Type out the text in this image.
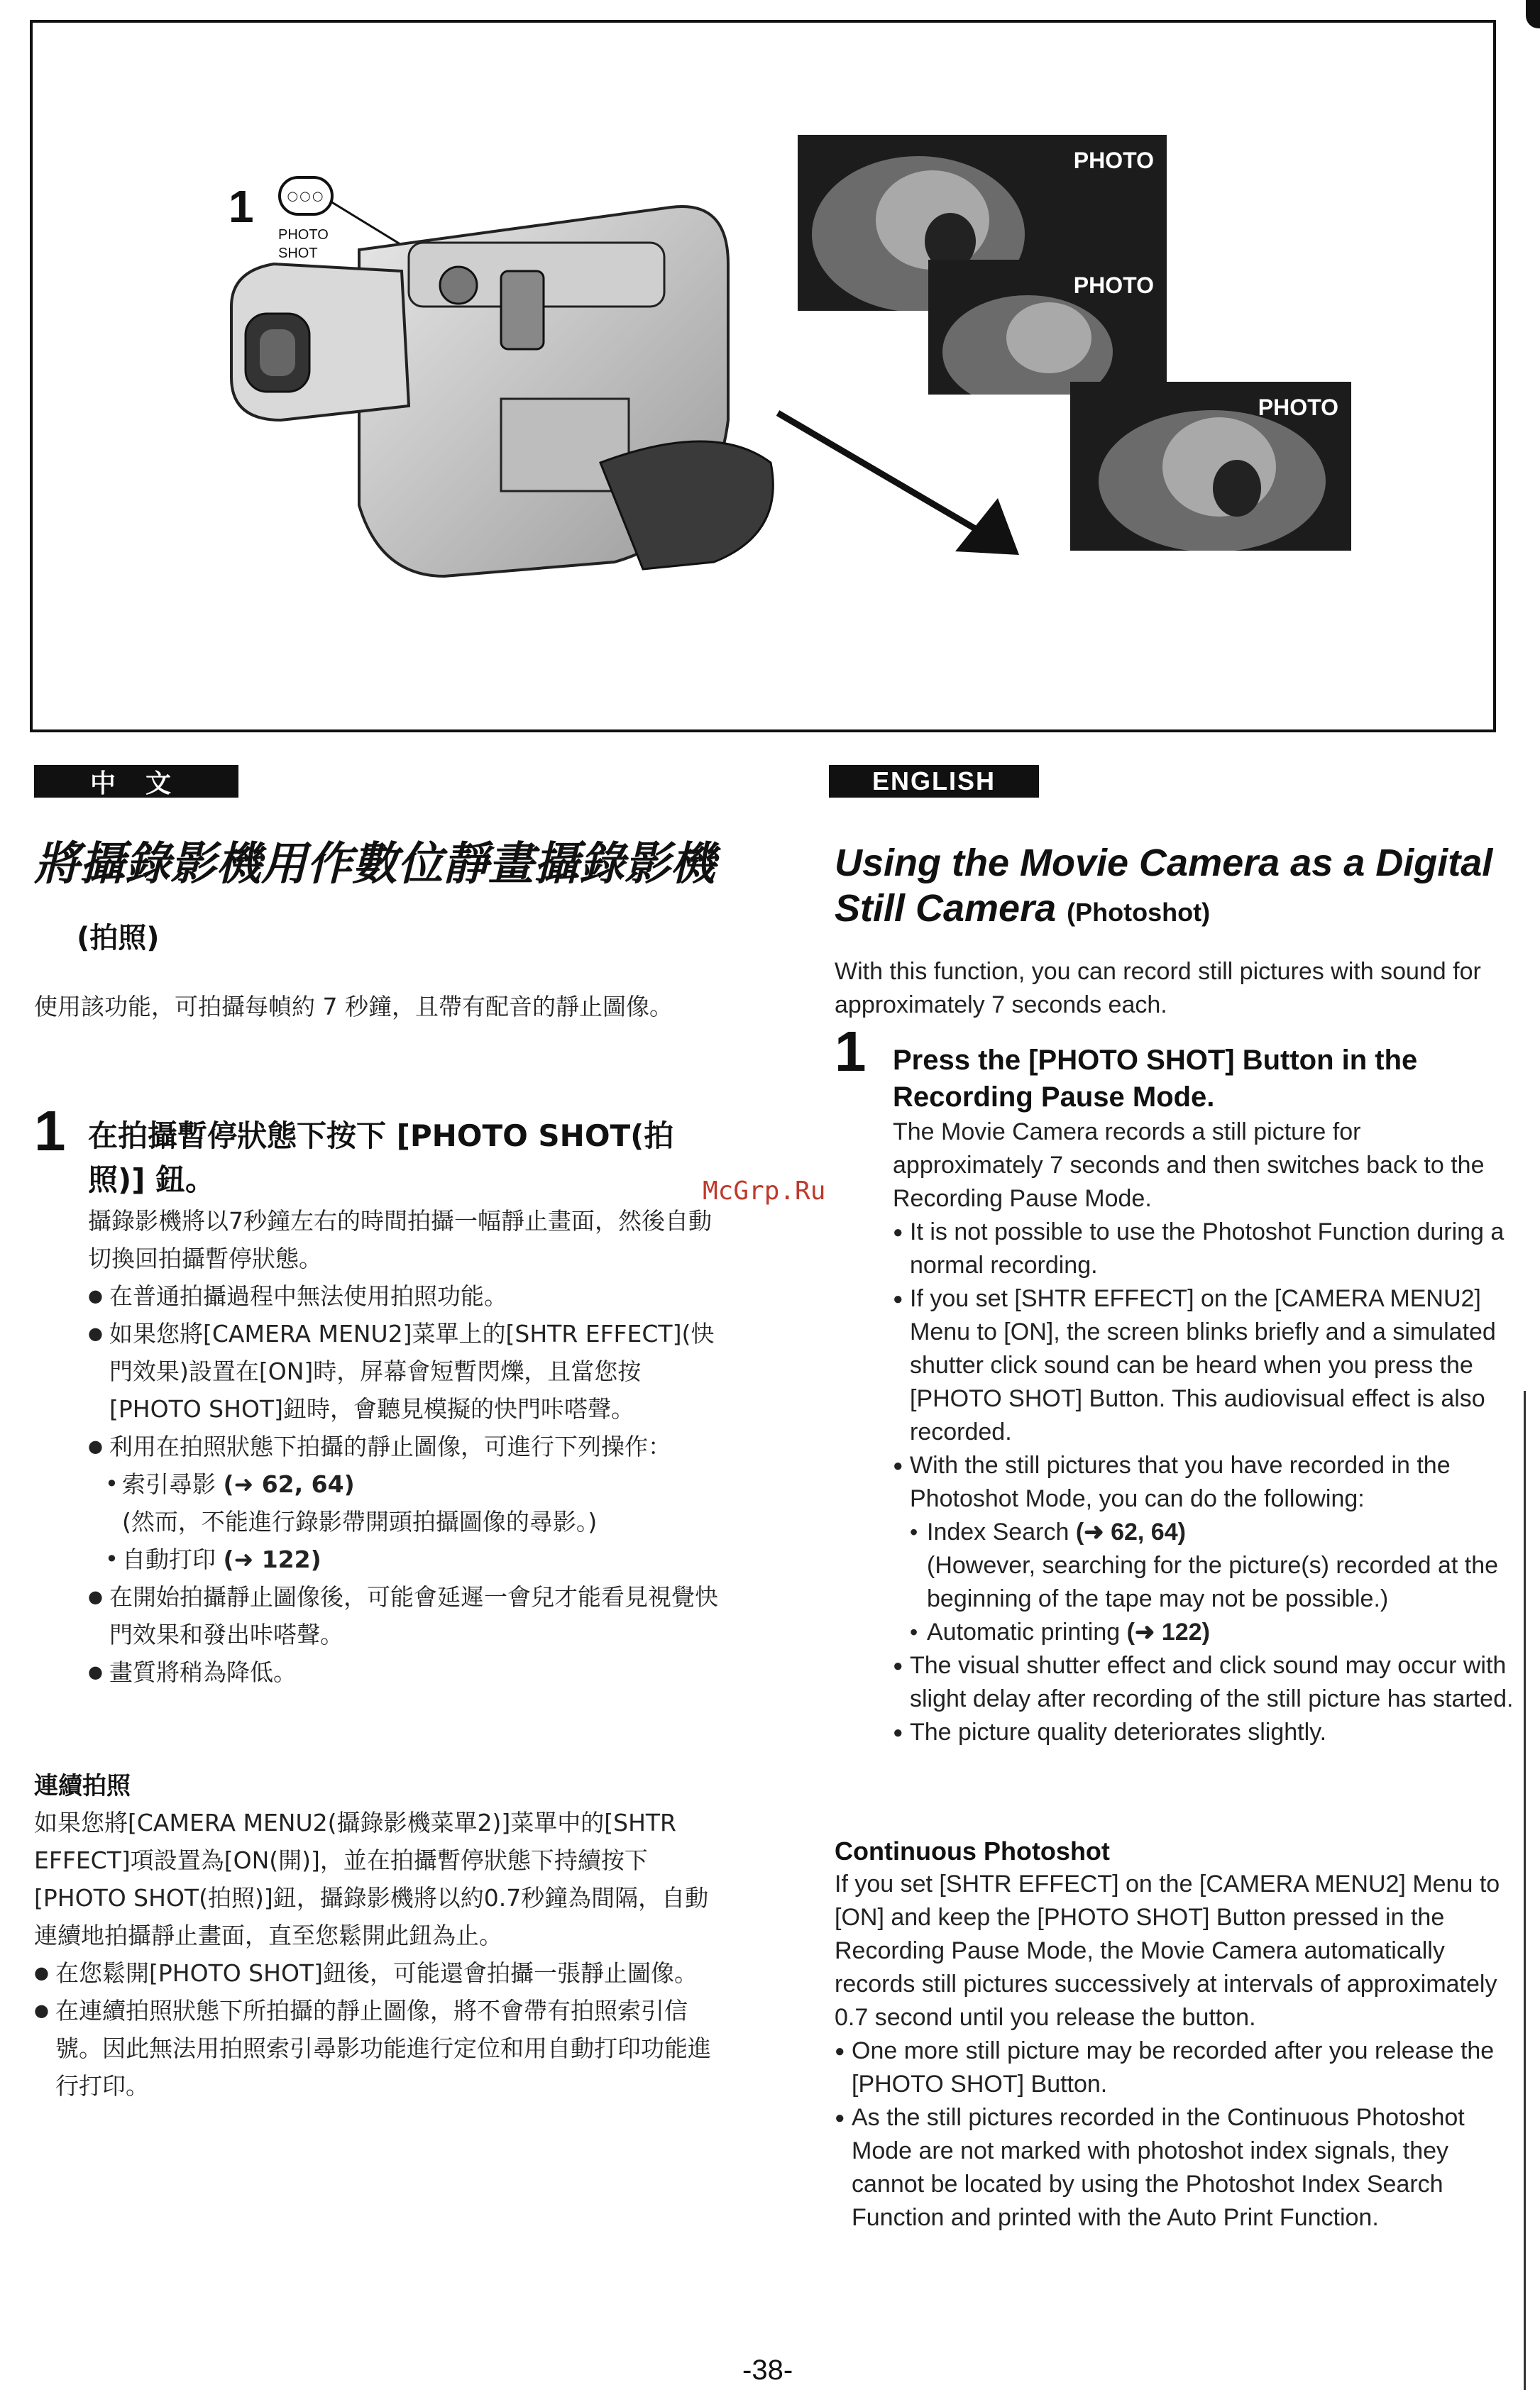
1	○○○
PHOTO
SHOT
PHOTO
PHOTO
PHOTO
中 文	ENGLISH
將攝錄影機用作數位靜畫攝錄影機(拍照)

使用該功能，可拍攝每幀約 7 秒鐘，且帶有配音的靜止圖像。

1 在拍攝暫停狀態下按下 [PHOTO SHOT(拍照)] 鈕。

攝錄影機將以7秒鐘左右的時間拍攝一幅靜止畫面，然後自動切換回拍攝暫停狀態。

● 在普通拍攝過程中無法使用拍照功能。
● 如果您將[CAMERA MENU2]菜單上的[SHTR EFFECT](快門效果)設置在[ON]時，屏幕會短暫閃爍，且當您按[PHOTO SHOT]鈕時，會聽見模擬的快門咔嗒聲。
● 利用在拍照狀態下拍攝的靜止圖像，可進行下列操作：
• 索引尋影 (➜ 62, 64)
(然而，不能進行錄影帶開頭拍攝圖像的尋影。)
• 自動打印 (➜ 122)
● 在開始拍攝靜止圖像後，可能會延遲一會兒才能看見視覺快門效果和發出咔嗒聲。
● 畫質將稍為降低。

連續拍照

如果您將[CAMERA MENU2(攝錄影機菜單2)]菜單中的[SHTR EFFECT]項設置為[ON(開)]，並在拍攝暫停狀態下持續按下[PHOTO SHOT(拍照)]鈕，攝錄影機將以約0.7秒鐘為間隔，自動連續地拍攝靜止畫面，直至您鬆開此鈕為止。

● 在您鬆開[PHOTO SHOT]鈕後，可能還會拍攝一張靜止圖像。
● 在連續拍照狀態下所拍攝的靜止圖像，將不會帶有拍照索引信號。因此無法用拍照索引尋影功能進行定位和用自動打印功能進行打印。
McGrp.Ru
Using the Movie Camera as a Digital Still Camera (Photoshot)

With this function, you can record still pictures with sound for approximately 7 seconds each.

1 Press the [PHOTO SHOT] Button in the Recording Pause Mode.

The Movie Camera records a still picture for approximately 7 seconds and then switches back to the Recording Pause Mode.

● It is not possible to use the Photoshot Function during a normal recording.
● If you set [SHTR EFFECT] on the [CAMERA MENU2] Menu to [ON], the screen blinks briefly and a simulated shutter click sound can be heard when you press the [PHOTO SHOT] Button. This audiovisual effect is also recorded.
● With the still pictures that you have recorded in the Photoshot Mode, you can do the following:
• Index Search (➜ 62, 64)
(However, searching for the picture(s) recorded at the beginning of the tape may not be possible.)
• Automatic printing (➜ 122)
● The visual shutter effect and click sound may occur with slight delay after recording of the still picture has started.
● The picture quality deteriorates slightly.

Continuous Photoshot

If you set [SHTR EFFECT] on the [CAMERA MENU2] Menu to [ON] and keep the [PHOTO SHOT] Button pressed in the Recording Pause Mode, the Movie Camera automatically records still pictures successively at intervals of approximately 0.7 second until you release the button.

● One more still picture may be recorded after you release the [PHOTO SHOT] Button.
● As the still pictures recorded in the Continuous Photoshot Mode are not marked with photoshot index signals, they cannot be located by using the Photoshot Index Search Function and printed with the Auto Print Function.
-38-
